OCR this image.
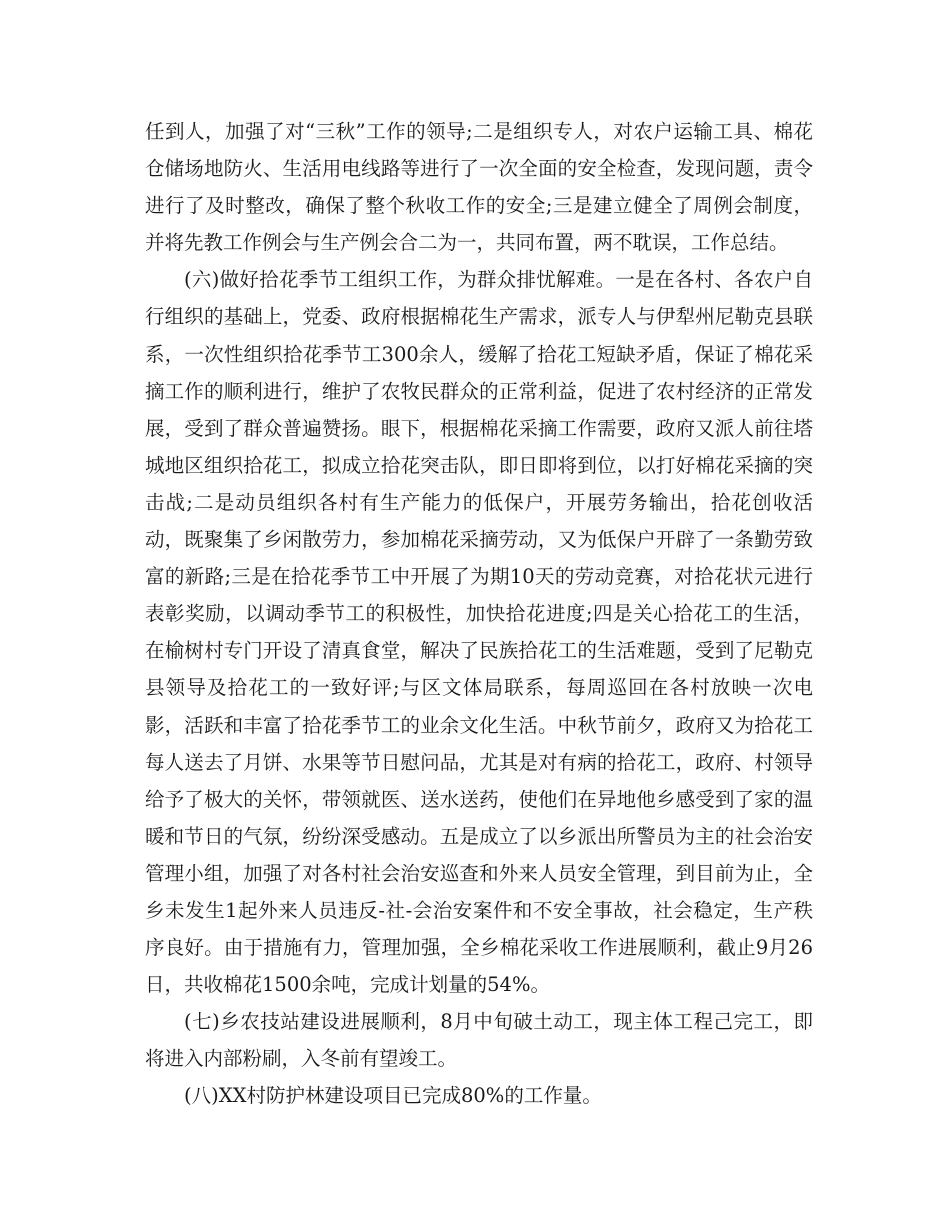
任到人，加强了对“三秋”工作的领导;二是组织专人，对农户运输工具、棉花仓储场地防火、生活用电线路等进行了一次全面的安全检查，发现问题，责令进行了及时整改，确保了整个秋收工作的安全;三是建立健全了周例会制度，并将先教工作例会与生产例会合二为一，共同布置，两不耽误，工作总结。

(六)做好拾花季节工组织工作，为群众排忧解难。一是在各村、各农户自行组织的基础上，党委、政府根据棉花生产需求，派专人与伊犁州尼勒克县联系，一次性组织拾花季节工300余人，缓解了拾花工短缺矛盾，保证了棉花采摘工作的顺利进行，维护了农牧民群众的正常利益，促进了农村经济的正常发展，受到了群众普遍赞扬。眼下，根据棉花采摘工作需要，政府又派人前往塔城地区组织拾花工，拟成立拾花突击队，即日即将到位，以打好棉花采摘的突击战;二是动员组织各村有生产能力的低保户，开展劳务输出，拾花创收活动，既聚集了乡闲散劳力，参加棉花采摘劳动，又为低保户开辟了一条勤劳致富的新路;三是在拾花季节工中开展了为期10天的劳动竞赛，对拾花状元进行表彰奖励，以调动季节工的积极性，加快拾花进度;四是关心拾花工的生活，在榆树村专门开设了清真食堂，解决了民族拾花工的生活难题，受到了尼勒克县领导及拾花工的一致好评;与区文体局联系，每周巡回在各村放映一次电影，活跃和丰富了拾花季节工的业余文化生活。中秋节前夕，政府又为拾花工每人送去了月饼、水果等节日慰问品，尤其是对有病的拾花工，政府、村领导给予了极大的关怀，带领就医、送水送药，使他们在异地他乡感受到了家的温暖和节日的气氛，纷纷深受感动。五是成立了以乡派出所警员为主的社会治安管理小组，加强了对各村社会治安巡查和外来人员安全管理，到目前为止，全乡未发生1起外来人员违反-社-会治安案件和不安全事故，社会稳定，生产秩序良好。由于措施有力，管理加强，全乡棉花采收工作进展顺利，截止9月26日，共收棉花1500余吨，完成计划量的54%。

(七)乡农技站建设进展顺利，8月中旬破土动工，现主体工程己完工，即将进入内部粉刷，入冬前有望竣工。

(八)XX村防护林建设项目已完成80%的工作量。
